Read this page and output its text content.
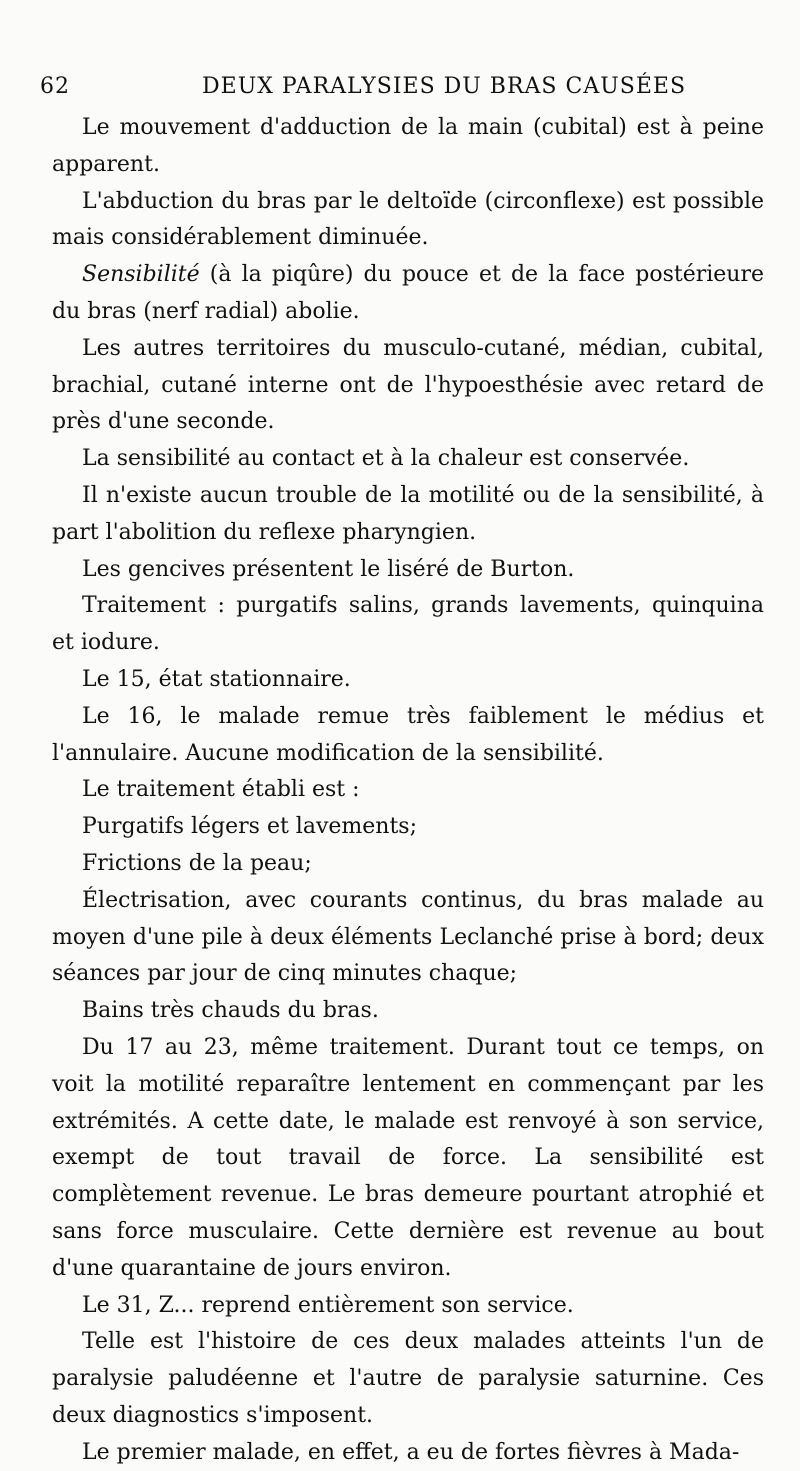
62	DEUX PARALYSIES DU BRAS CAUSÉES

Le mouvement d'adduction de la main (cubital) est à peine apparent.

L'abduction du bras par le deltoïde (circonflexe) est possible mais considérablement diminuée.

Sensibilité (à la piqûre) du pouce et de la face postérieure du bras (nerf radial) abolie.

Les autres territoires du musculo-cutané, médian, cubital, brachial, cutané interne ont de l'hypoesthésie avec retard de près d'une seconde.

La sensibilité au contact et à la chaleur est conservée.

Il n'existe aucun trouble de la motilité ou de la sensibilité, à part l'abolition du reflexe pharyngien.

Les gencives présentent le liséré de Burton.

Traitement : purgatifs salins, grands lavements, quinquina et iodure.

Le 15, état stationnaire.

Le 16, le malade remue très faiblement le médius et l'annulaire. Aucune modification de la sensibilité.

Le traitement établi est :

Purgatifs légers et lavements;

Frictions de la peau;

Électrisation, avec courants continus, du bras malade au moyen d'une pile à deux éléments Leclanché prise à bord; deux séances par jour de cinq minutes chaque;

Bains très chauds du bras.

Du 17 au 23, même traitement. Durant tout ce temps, on voit la motilité reparaître lentement en commençant par les extrémités. A cette date, le malade est renvoyé à son service, exempt de tout travail de force. La sensibilité est complètement revenue. Le bras demeure pourtant atrophié et sans force musculaire. Cette dernière est revenue au bout d'une quarantaine de jours environ.

Le 31, Z... reprend entièrement son service.

Telle est l'histoire de ces deux malades atteints l'un de paralysie paludéenne et l'autre de paralysie saturnine. Ces deux diagnostics s'imposent.

Le premier malade, en effet, a eu de fortes fièvres à Mada-
